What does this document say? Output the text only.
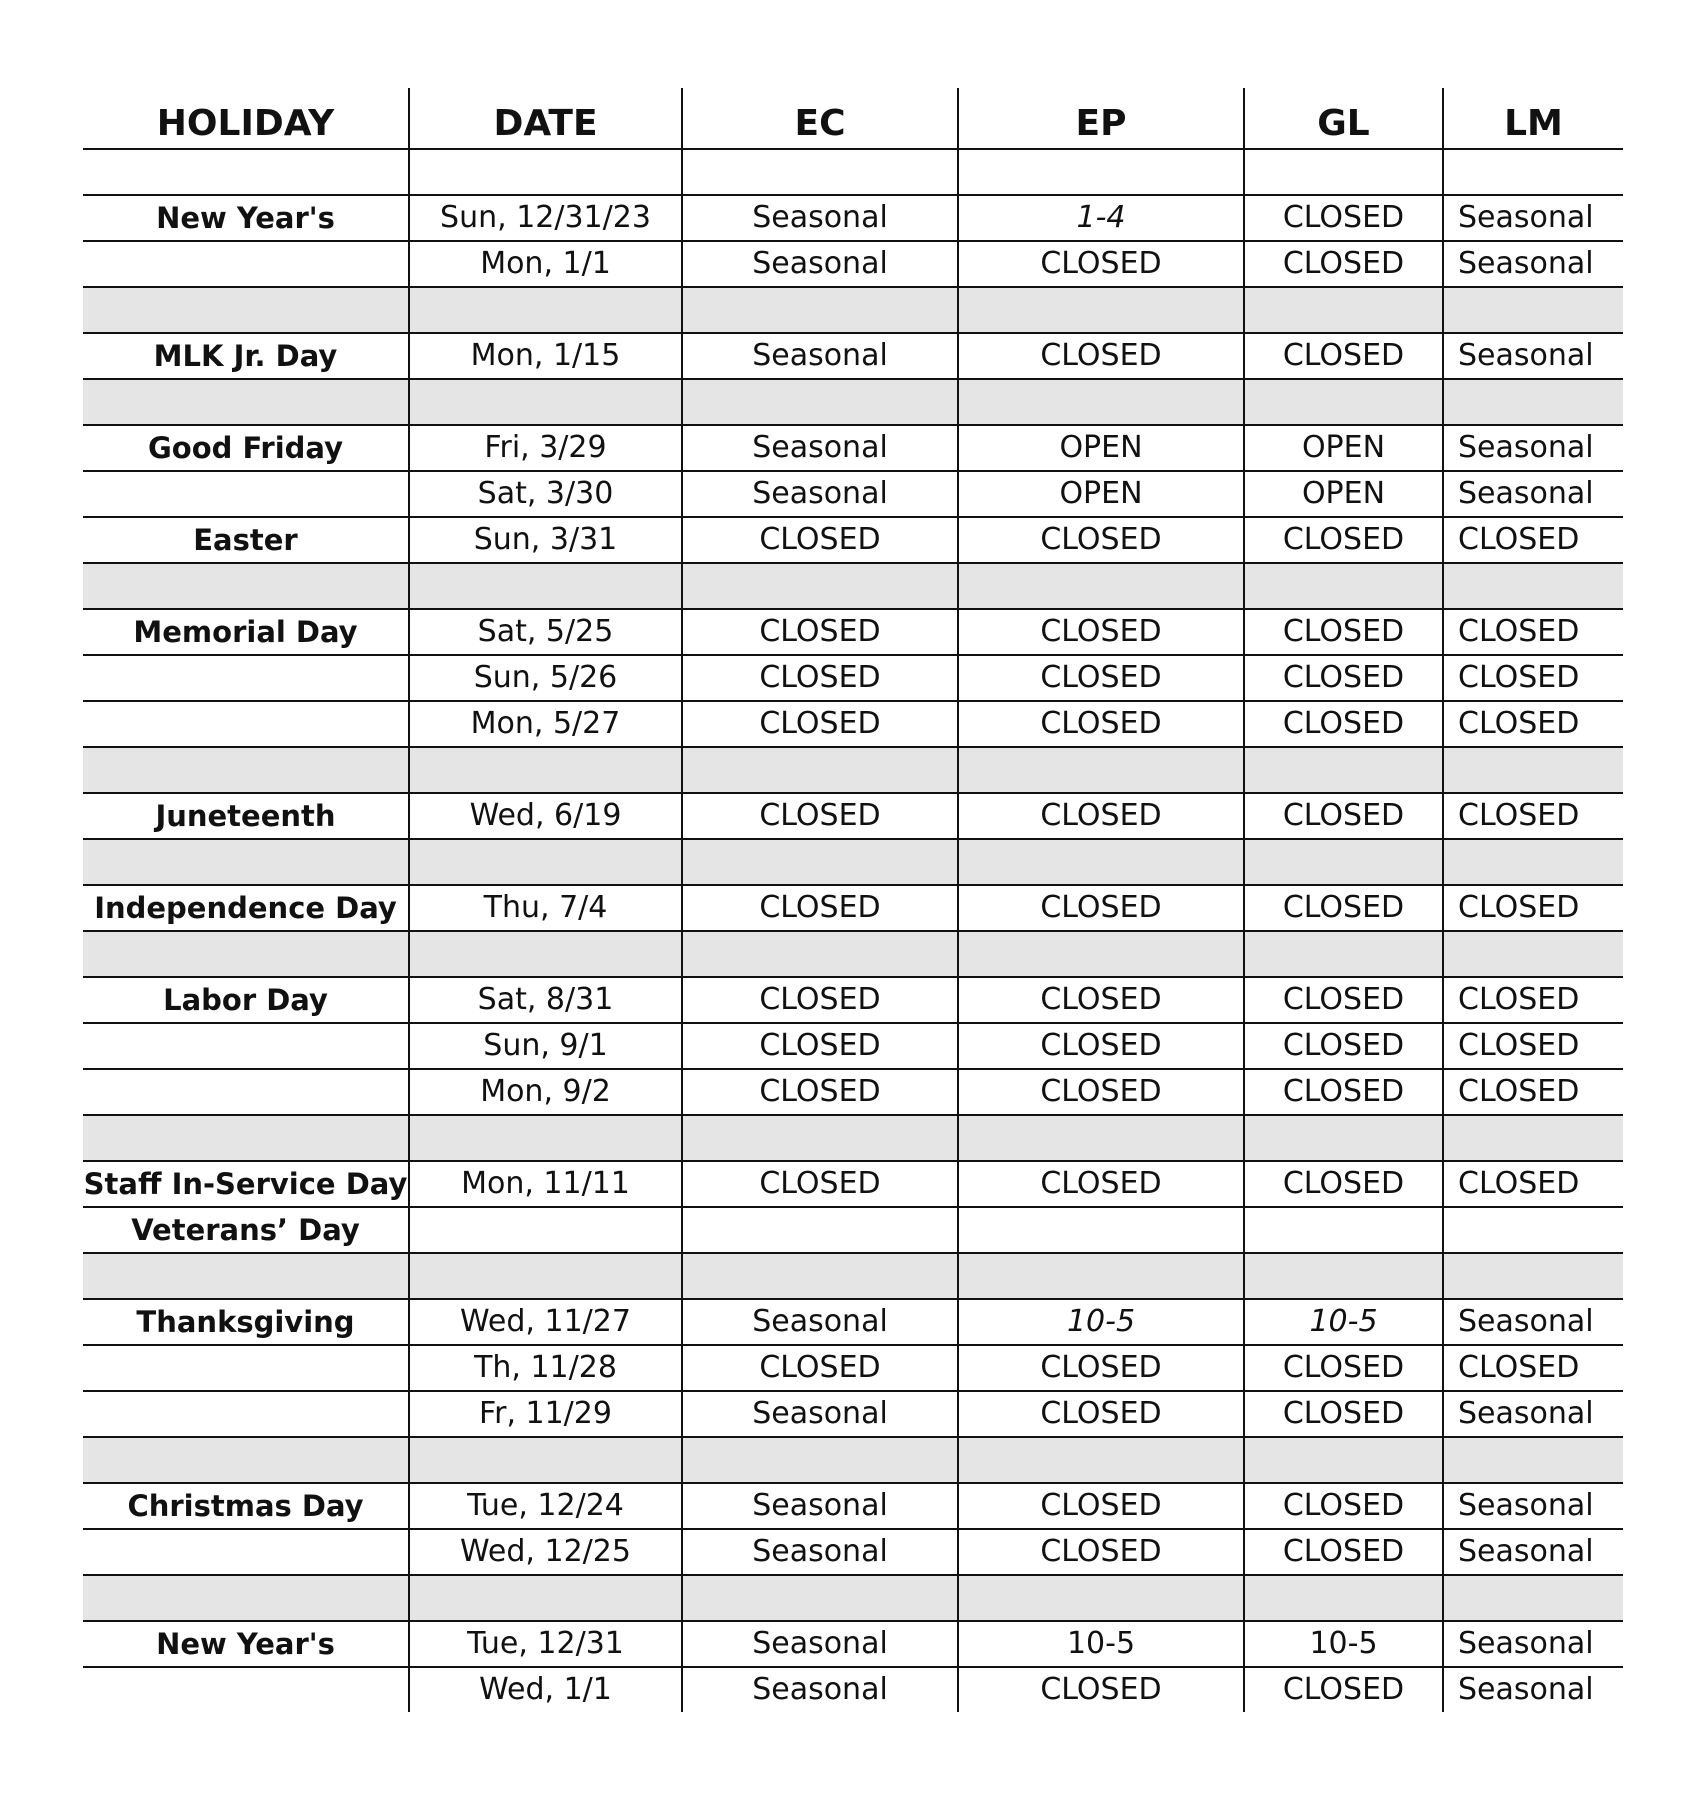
HOLIDAY	DATE	EC	EP	GL	LM

New Year's	Sun, 12/31/23	Seasonal	1-4	CLOSED	Seasonal
	Mon, 1/1	Seasonal	CLOSED	CLOSED	Seasonal

MLK Jr. Day	Mon, 1/15	Seasonal	CLOSED	CLOSED	Seasonal

Good Friday	Fri, 3/29	Seasonal	OPEN	OPEN	Seasonal
	Sat, 3/30	Seasonal	OPEN	OPEN	Seasonal
Easter	Sun, 3/31	CLOSED	CLOSED	CLOSED	CLOSED

Memorial Day	Sat, 5/25	CLOSED	CLOSED	CLOSED	CLOSED
	Sun, 5/26	CLOSED	CLOSED	CLOSED	CLOSED
	Mon, 5/27	CLOSED	CLOSED	CLOSED	CLOSED

Juneteenth	Wed, 6/19	CLOSED	CLOSED	CLOSED	CLOSED

Independence Day	Thu, 7/4	CLOSED	CLOSED	CLOSED	CLOSED

Labor Day	Sat, 8/31	CLOSED	CLOSED	CLOSED	CLOSED
	Sun, 9/1	CLOSED	CLOSED	CLOSED	CLOSED
	Mon, 9/2	CLOSED	CLOSED	CLOSED	CLOSED

Staff In-Service Day	Mon, 11/11	CLOSED	CLOSED	CLOSED	CLOSED
Veterans’ Day					

Thanksgiving	Wed, 11/27	Seasonal	10-5	10-5	Seasonal
	Th, 11/28	CLOSED	CLOSED	CLOSED	CLOSED
	Fr, 11/29	Seasonal	CLOSED	CLOSED	Seasonal

Christmas Day	Tue, 12/24	Seasonal	CLOSED	CLOSED	Seasonal
	Wed, 12/25	Seasonal	CLOSED	CLOSED	Seasonal

New Year's	Tue, 12/31	Seasonal	10-5	10-5	Seasonal
	Wed, 1/1	Seasonal	CLOSED	CLOSED	Seasonal
